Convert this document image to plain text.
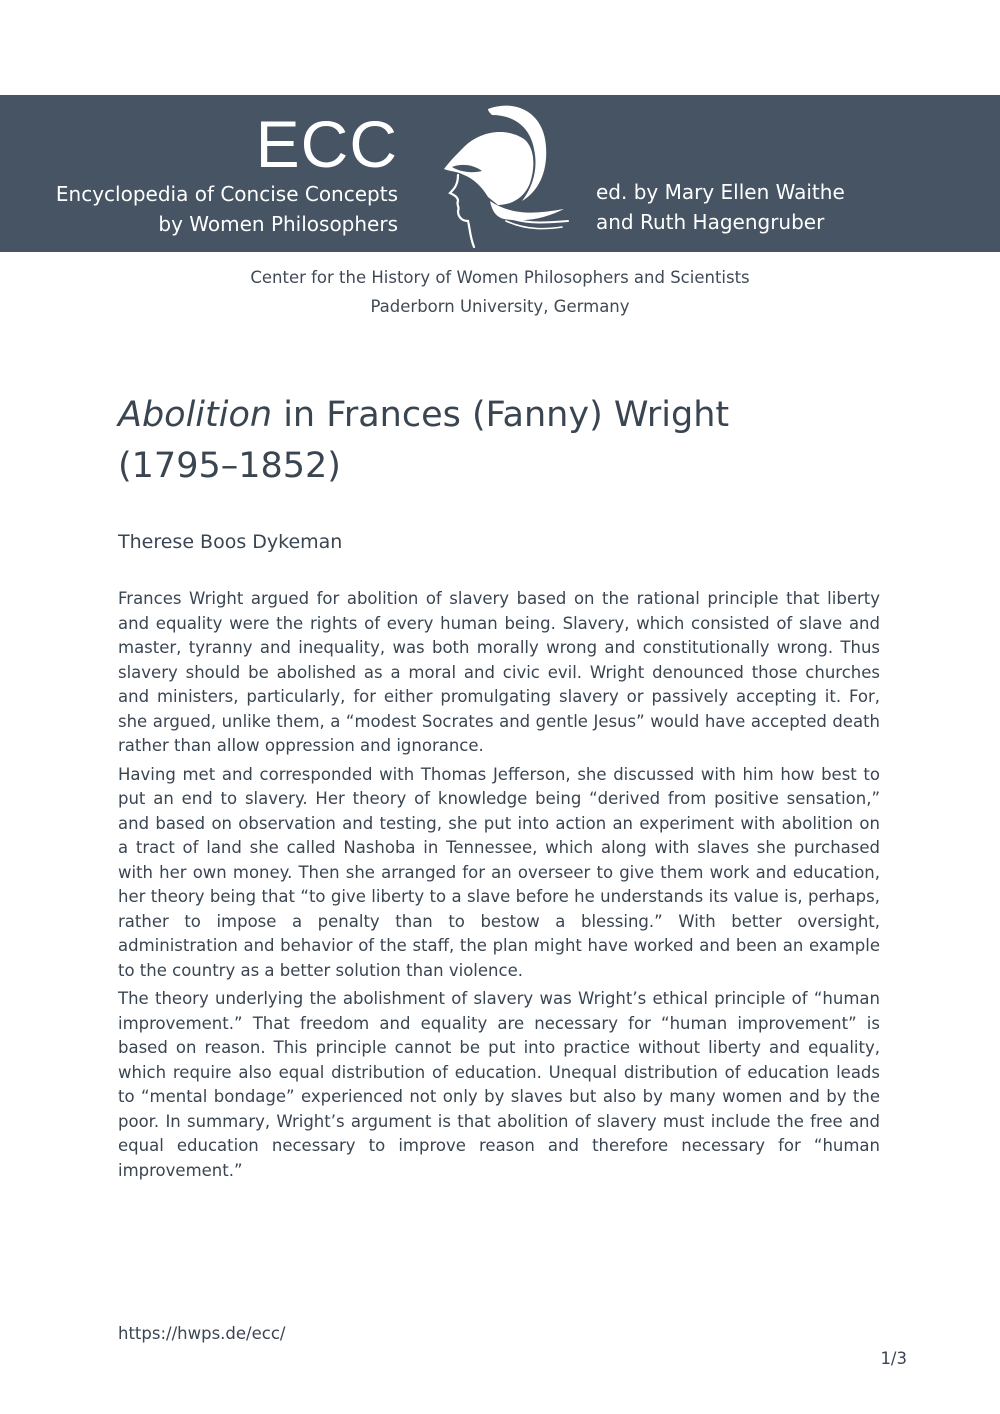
ECC
Encyclopedia of Concise Concepts
by Women Philosophers
ed. by Mary Ellen Waithe
and Ruth Hagengruber
Center for the History of Women Philosophers and Scientists
Paderborn University, Germany
Abolition in Frances (Fanny) Wright
(1795–1852)
Therese Boos Dykeman

Frances Wright argued for abolition of slavery based on the rational principle that liberty and equality were the rights of every human being. Slavery, which consisted of slave and master, tyranny and inequality, was both morally wrong and constitutionally wrong. Thus slavery should be abolished as a moral and civic evil. Wright denounced those churches and ministers, particularly, for either promulgating slavery or passively accepting it. For, she argued, unlike them, a “modest Socrates and gentle Jesus” would have accepted death rather than allow oppression and ignorance.

Having met and corresponded with Thomas Jefferson, she discussed with him how best to put an end to slavery. Her theory of knowledge being “derived from positive sensation,” and based on observation and testing, she put into action an experiment with abolition on a tract of land she called Nashoba in Tennessee, which along with slaves she purchased with her own money. Then she arranged for an overseer to give them work and education, her theory being that “to give liberty to a slave before he understands its value is, perhaps, rather to impose a penalty than to bestow a blessing.” With better oversight, administration and behavior of the staff, the plan might have worked and been an example to the country as a better solution than violence.

The theory underlying the abolishment of slavery was Wright’s ethical principle of “human improvement.” That freedom and equality are necessary for “human improvement” is based on reason. This principle cannot be put into practice without liberty and equality, which require also equal distribution of education. Unequal distribution of education leads to “mental bondage” experienced not only by slaves but also by many women and by the poor. In summary, Wright’s argument is that abolition of slavery must include the free and equal education necessary to improve reason and therefore necessary for “human improvement.”

https://hwps.de/ecc/
1/3
